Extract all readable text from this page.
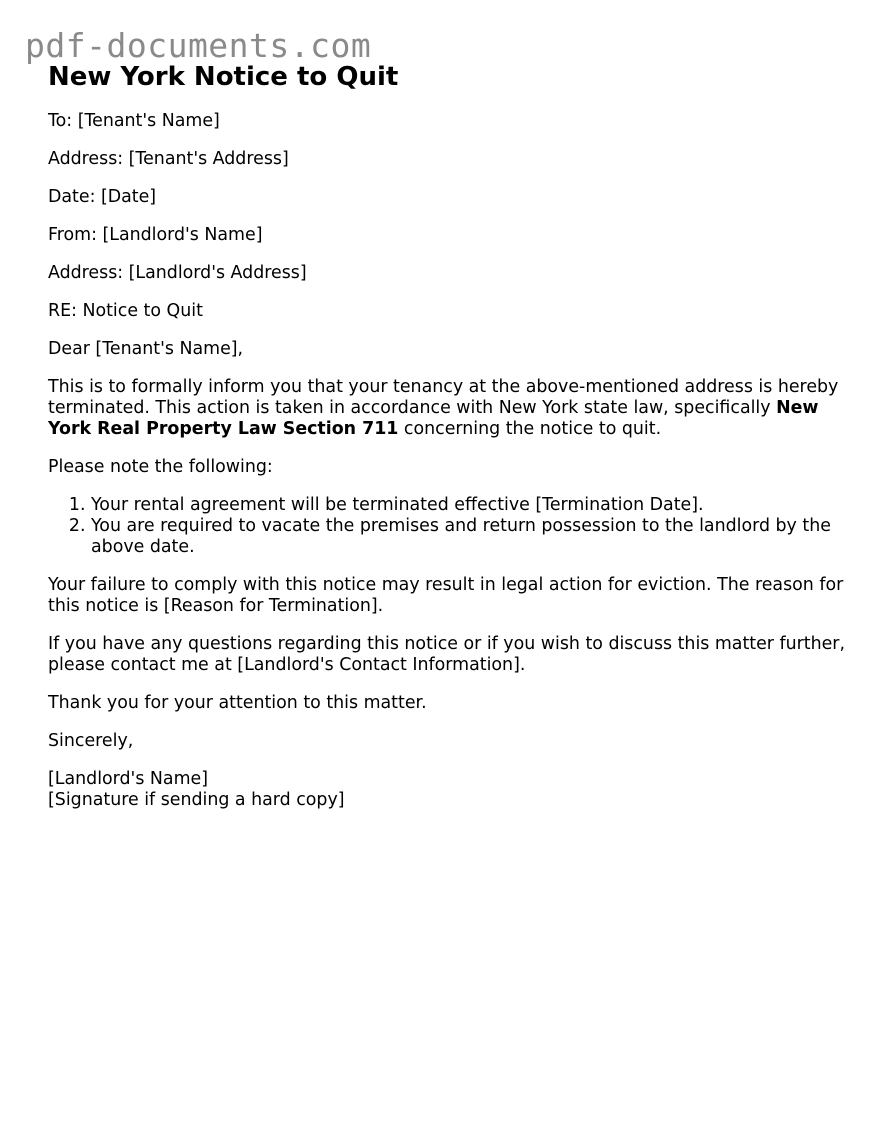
pdf-documents.com
New York Notice to Quit
To: [Tenant's Name]
Address: [Tenant's Address]
Date: [Date]
From: [Landlord's Name]
Address: [Landlord's Address]
RE: Notice to Quit
Dear [Tenant's Name],
This is to formally inform you that your tenancy at the above-mentioned address is hereby terminated. This action is taken in accordance with New York state law, specifically New York Real Property Law Section 711 concerning the notice to quit.
Please note the following:
1. Your rental agreement will be terminated effective [Termination Date].
2. You are required to vacate the premises and return possession to the landlord by the above date.
Your failure to comply with this notice may result in legal action for eviction. The reason for this notice is [Reason for Termination].
If you have any questions regarding this notice or if you wish to discuss this matter further, please contact me at [Landlord's Contact Information].
Thank you for your attention to this matter.
Sincerely,
[Landlord's Name]
[Signature if sending a hard copy]
